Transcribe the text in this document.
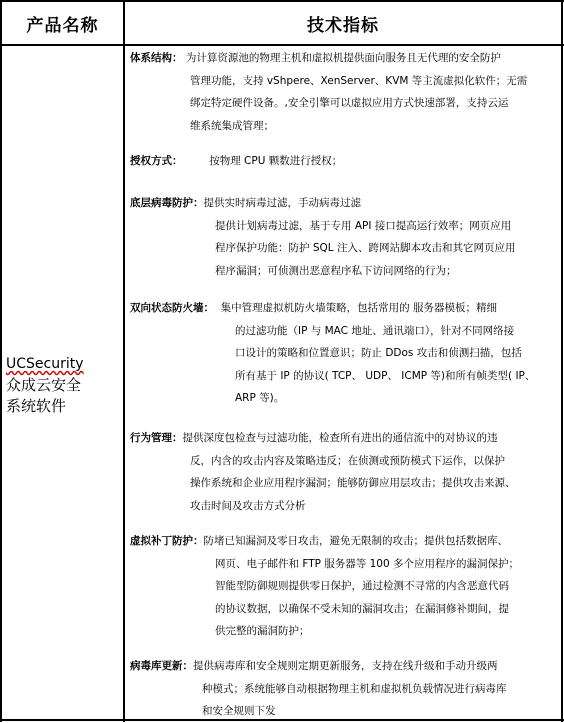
产品名称	技术指标
UCSecurity
众成云安全
系统软件
体系结构： 为计算资源池的物理主机和虚拟机提供面向服务且无代理的安全防护
管理功能，支持 vShpere、XenServer、KVM 等主流虚拟化软件；无需
绑定特定硬件设备。,安全引擎可以虚拟应用方式快速部署，支持云运
维系统集成管理；
授权方式：        按物理 CPU 颗数进行授权；
底层病毒防护：提供实时病毒过滤，手动病毒过滤
提供计划病毒过滤，基于专用 API 接口提高运行效率；网页应用
程序保护功能：防护 SQL 注入、跨网站脚本攻击和其它网页应用
程序漏洞；可侦测出恶意程序私下访问网络的行为；
双向状态防火墙：  集中管理虚拟机防火墙策略，包括常用的 服务器模板；精细
的过滤功能（IP 与 MAC 地址、通讯端口），针对不同网络接
口设计的策略和位置意识；防止 DDos 攻击和侦测扫描，包括
所有基于 IP 的协议( TCP、 UDP、 ICMP 等)和所有帧类型( IP、
ARP 等)。
行为管理：提供深度包检查与过滤功能，检查所有进出的通信流中的对协议的违
反，内含的攻击内容及策略违反；在侦测或预防模式下运作，以保护
操作系统和企业应用程序漏洞；能够防御应用层攻击；提供攻击来源、
攻击时间及攻击方式分析
虚拟补丁防护：防堵已知漏洞及零日攻击，避免无限制的攻击；提供包括数据库、
网页、电子邮件和 FTP 服务器等 100 多个应用程序的漏洞保护；
智能型防御规则提供零日保护，通过检测不寻常的内含恶意代码
的协议数据，以确保不受未知的漏洞攻击；在漏洞修补期间，提
供完整的漏洞防护；
病毒库更新：提供病毒库和安全规则定期更新服务，支持在线升级和手动升级两
种模式；系统能够自动根据物理主机和虚拟机负载情况进行病毒库
和安全规则下发
